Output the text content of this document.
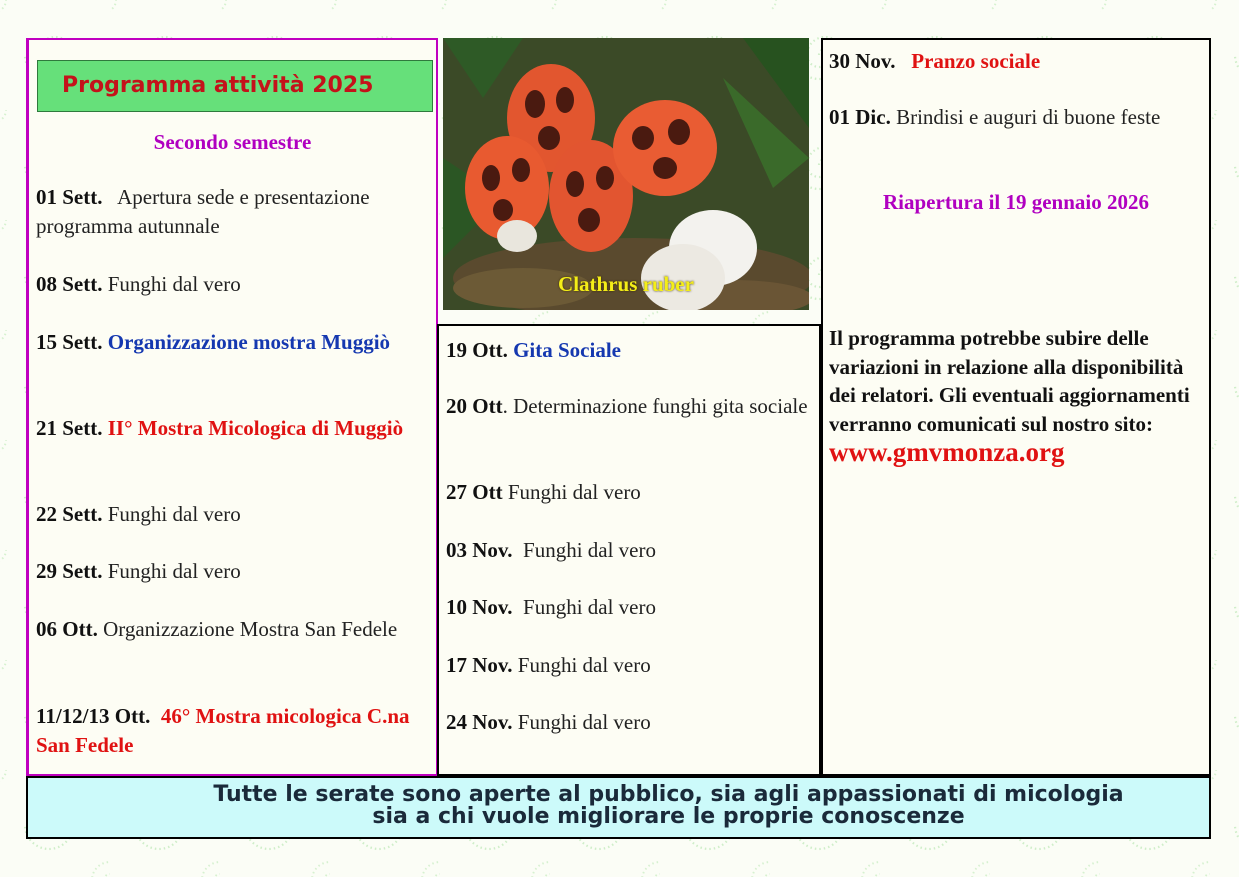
Programma attività 2025
Secondo semestre
01 Sett. Apertura sede e presentazione programma autunnale
08 Sett. Funghi dal vero
15 Sett. Organizzazione mostra Muggiò
21 Sett. II° Mostra Micologica di Muggiò
22 Sett. Funghi dal vero
29 Sett. Funghi dal vero
06 Ott. Organizzazione Mostra San Fedele
11/12/13 Ott. 46° Mostra micologica C.na San Fedele
Clathrus ruber
19 Ott. Gita Sociale
20 Ott. Determinazione funghi gita sociale
27 Ott Funghi dal vero
03 Nov. Funghi dal vero
10 Nov. Funghi dal vero
17 Nov. Funghi dal vero
24 Nov. Funghi dal vero
30 Nov. Pranzo sociale
01 Dic. Brindisi e auguri di buone feste
Riapertura il 19 gennaio 2026
Il programma potrebbe subire delle variazioni in relazione alla disponibilità dei relatori. Gli eventuali aggiornamenti verranno comunicati sul nostro sito: www.gmvmonza.org
Tutte le serate sono aperte al pubblico, sia agli appassionati di micologia
sia a chi vuole migliorare le proprie conoscenze
